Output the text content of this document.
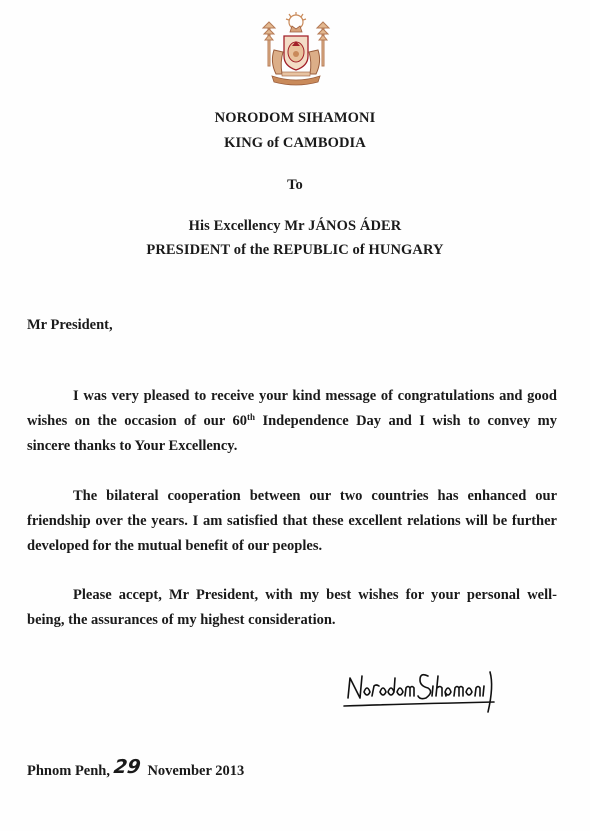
NORODOM SIHAMONI
KING of CAMBODIA
To
His Excellency Mr JÁNOS ÁDER
PRESIDENT of the REPUBLIC of HUNGARY
Mr President,
I was very pleased to receive your kind message of congratulations and good
wishes on the occasion of our 60th Independence Day and I wish to convey my
sincere thanks to Your Excellency.
The bilateral cooperation between our two countries has enhanced our
friendship over the years. I am satisfied that these excellent relations will be further
developed for the mutual benefit of our peoples.
Please accept, Mr President, with my best wishes for your personal well-
being, the assurances of my highest consideration.
Phnom Penh, 29 November 2013
